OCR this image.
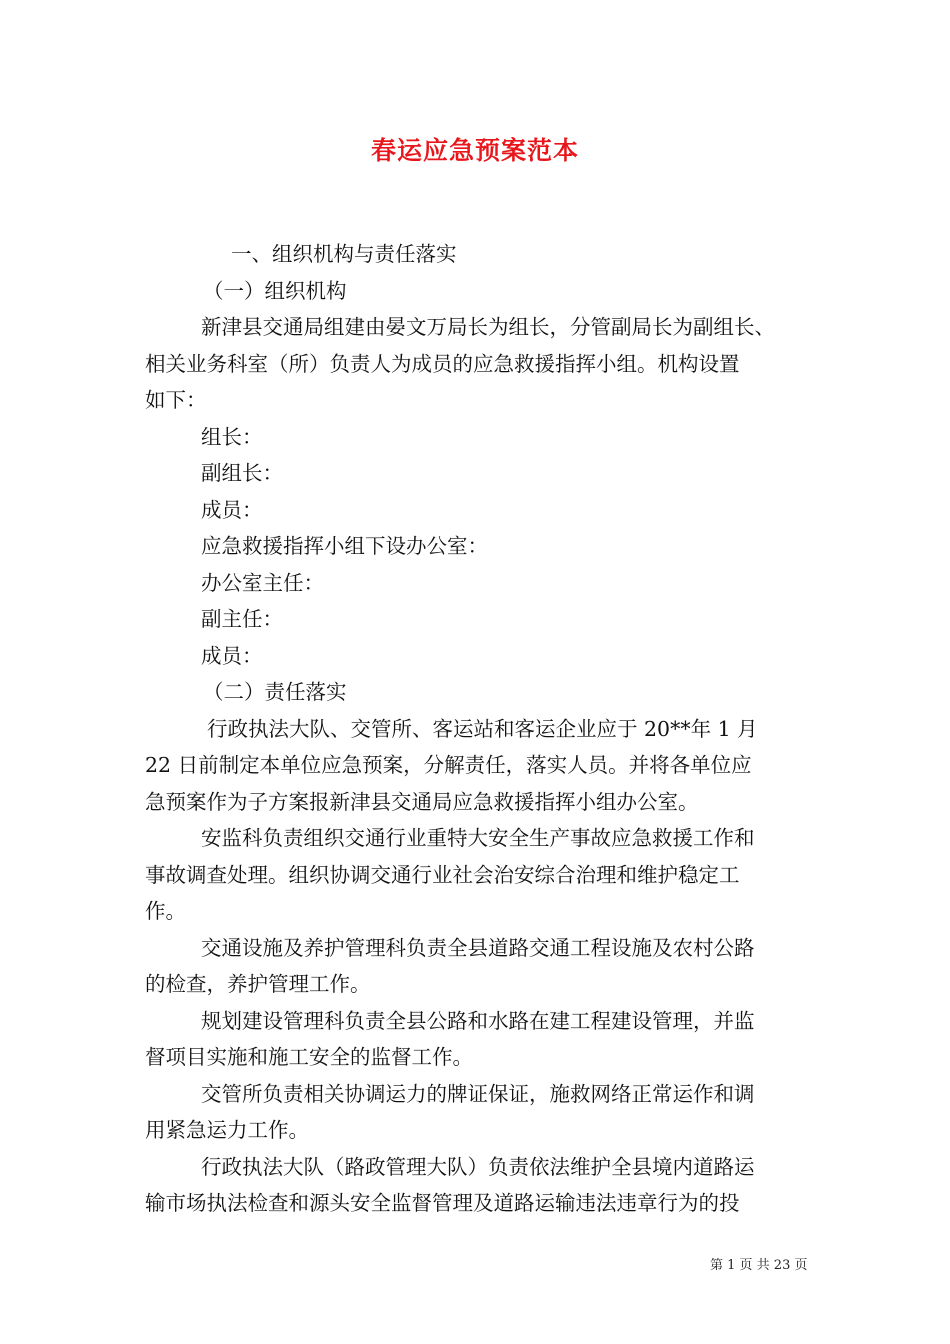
春运应急预案范本
一、组织机构与责任落实
（一）组织机构
新津县交通局组建由晏文万局长为组长，分管副局长为副组长、
相关业务科室（所）负责人为成员的应急救援指挥小组。机构设置
如下：
组长：
副组长：
成员：
应急救援指挥小组下设办公室：
办公室主任：
副主任：
成员：
（二）责任落实
行政执法大队、交管所、客运站和客运企业应于 20**年 1 月
22 日前制定本单位应急预案，分解责任，落实人员。并将各单位应
急预案作为子方案报新津县交通局应急救援指挥小组办公室。
安监科负责组织交通行业重特大安全生产事故应急救援工作和
事故调查处理。组织协调交通行业社会治安综合治理和维护稳定工
作。
交通设施及养护管理科负责全县道路交通工程设施及农村公路
的检查，养护管理工作。
规划建设管理科负责全县公路和水路在建工程建设管理，并监
督项目实施和施工安全的监督工作。
交管所负责相关协调运力的牌证保证，施救网络正常运作和调
用紧急运力工作。
行政执法大队（路政管理大队）负责依法维护全县境内道路运
输市场执法检查和源头安全监督管理及道路运输违法违章行为的投
第 1 页 共 23 页
